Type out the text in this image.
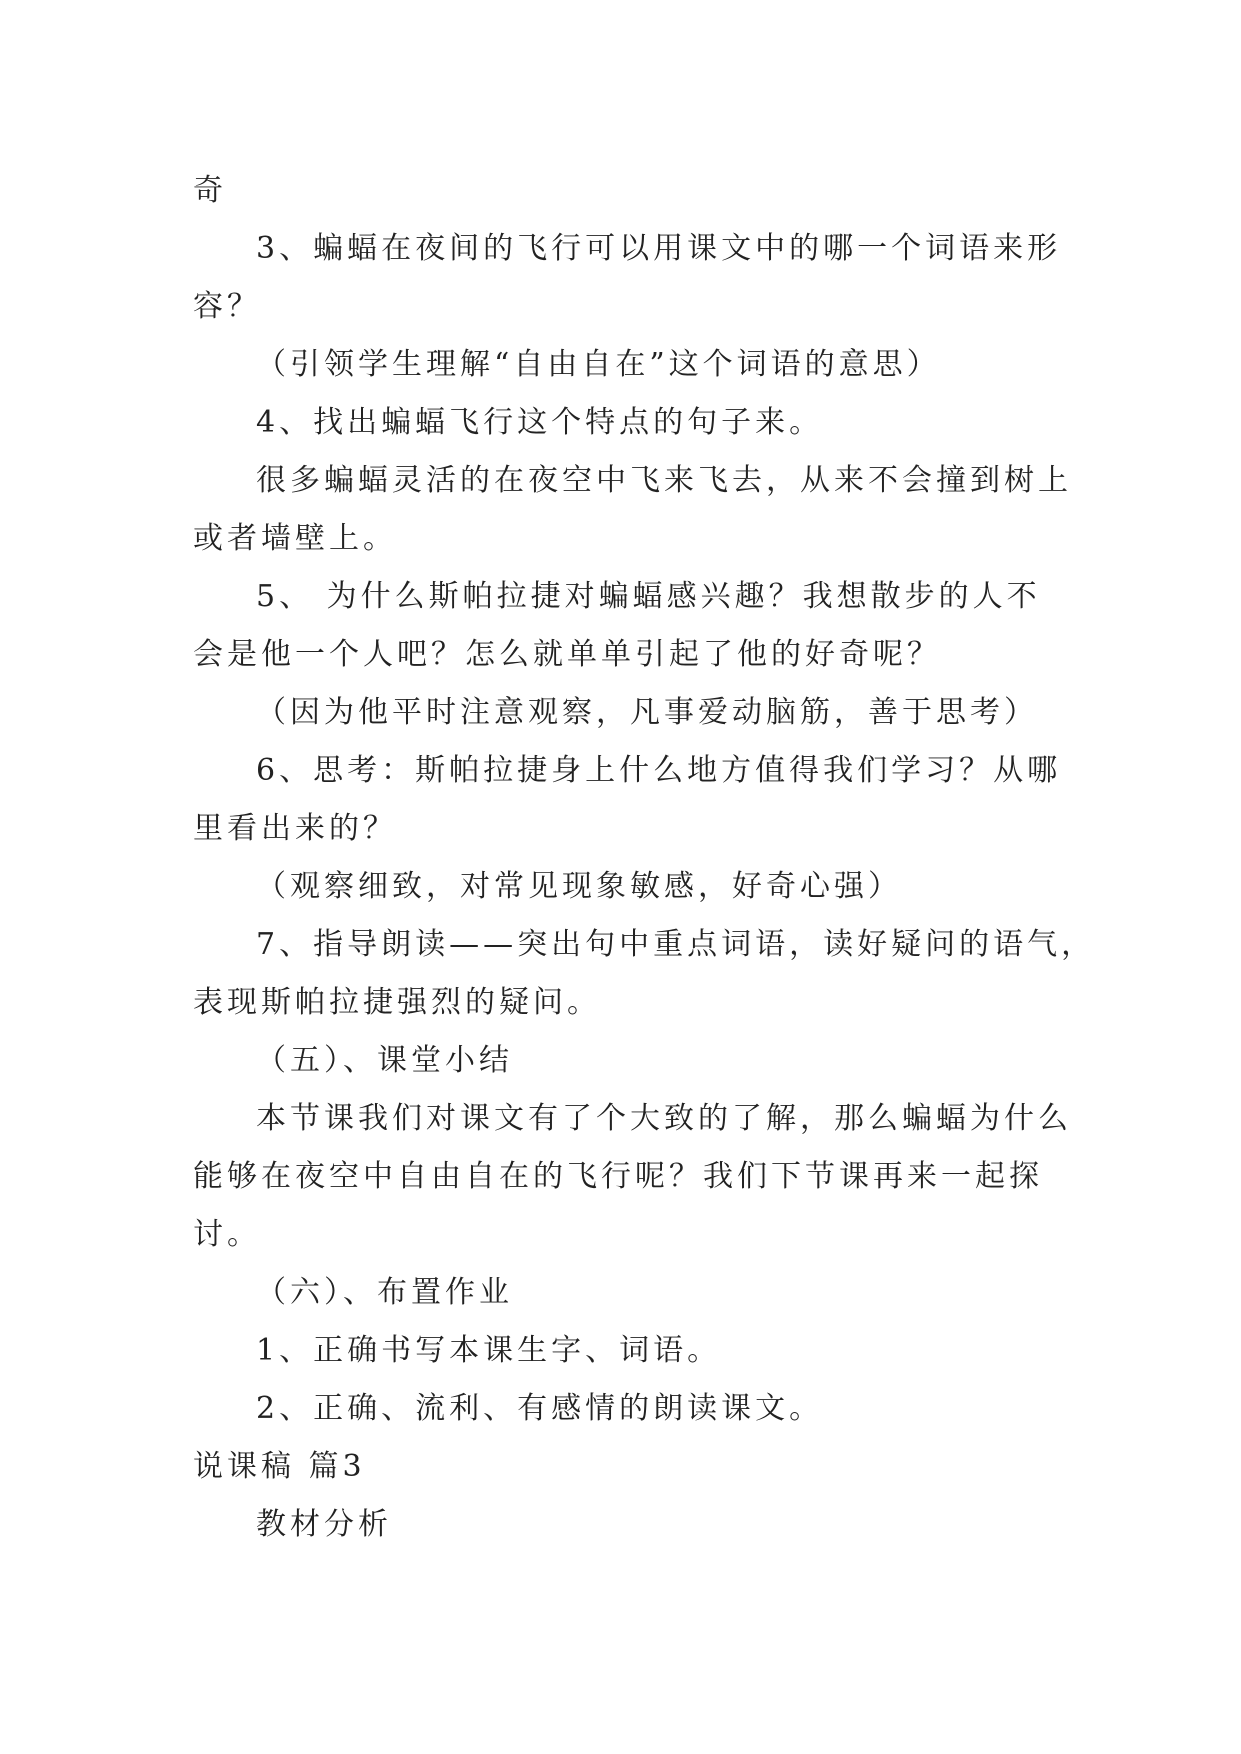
奇
3、蝙蝠在夜间的飞行可以用课文中的哪一个词语来形
容？
（引领学生理解“自由自在”这个词语的意思）
4、找出蝙蝠飞行这个特点的句子来。
很多蝙蝠灵活的在夜空中飞来飞去，从来不会撞到树上
或者墙壁上。
5、 为什么斯帕拉捷对蝙蝠感兴趣？我想散步的人不
会是他一个人吧？怎么就单单引起了他的好奇呢？
（因为他平时注意观察，凡事爱动脑筋，善于思考）
6、思考：斯帕拉捷身上什么地方值得我们学习？从哪
里看出来的？
（观察细致，对常见现象敏感，好奇心强）
7、指导朗读——突出句中重点词语，读好疑问的语气，
表现斯帕拉捷强烈的疑问。
（五）、课堂小结
本节课我们对课文有了个大致的了解，那么蝙蝠为什么
能够在夜空中自由自在的飞行呢？我们下节课再来一起探
讨。
（六）、布置作业
1、正确书写本课生字、词语。
2、正确、流利、有感情的朗读课文。
说课稿 篇3
教材分析
